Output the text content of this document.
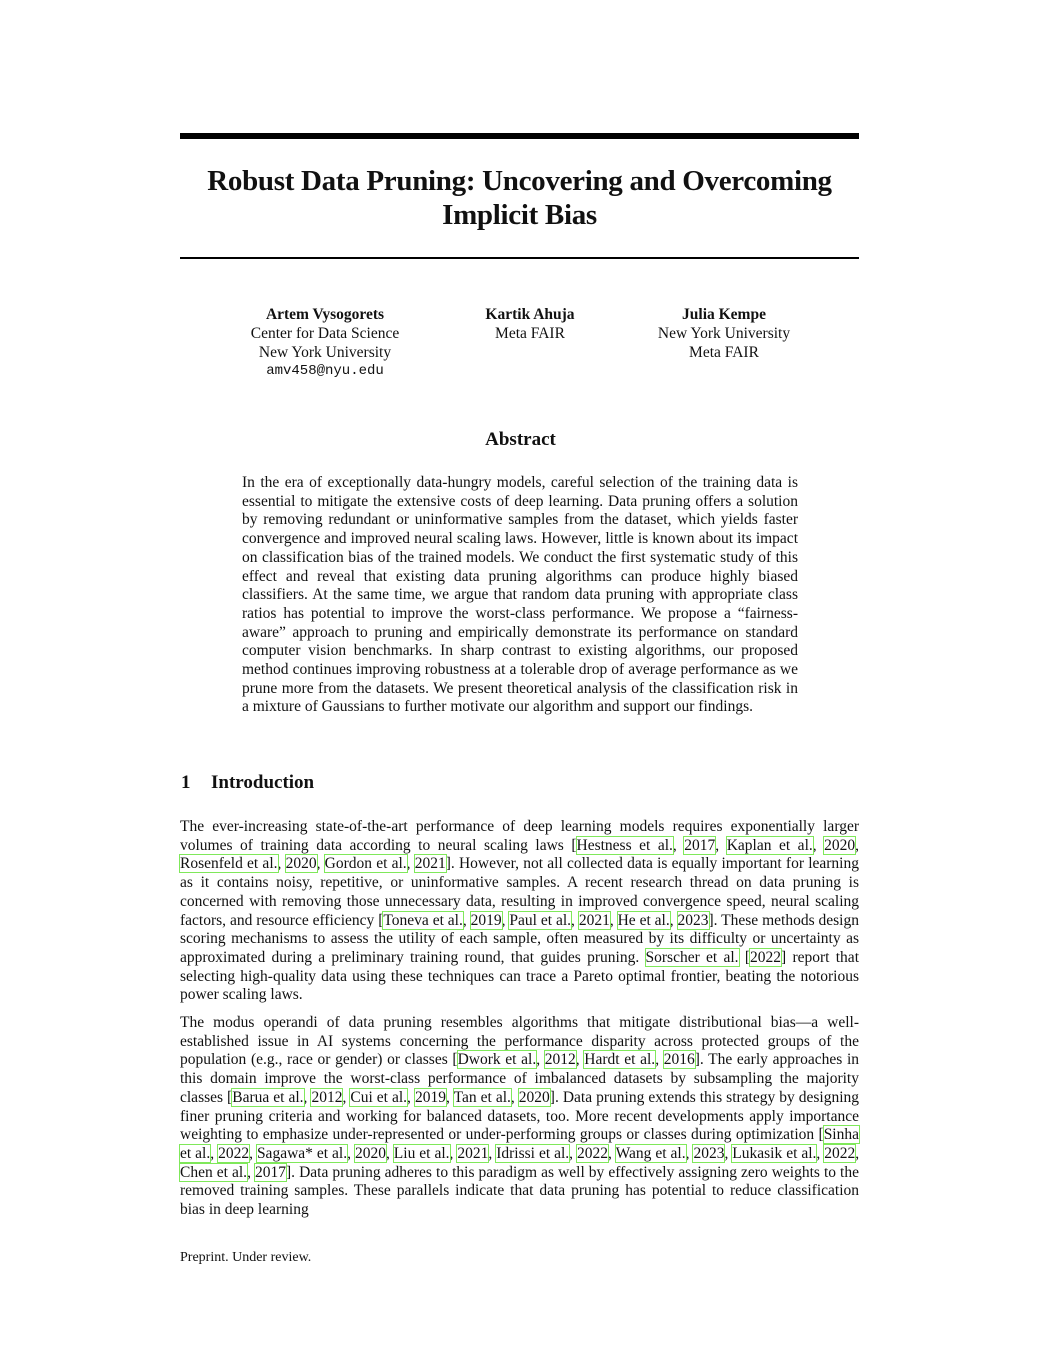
Robust Data Pruning: Uncovering and Overcoming Implicit Bias
Artem Vysogorets
Center for Data Science
New York University
amv458@nyu.edu
Kartik Ahuja
Meta FAIR
Julia Kempe
New York University
Meta FAIR
Abstract
In the era of exceptionally data-hungry models, careful selection of the training data is essential to mitigate the extensive costs of deep learning. Data pruning offers a solution by removing redundant or uninformative samples from the dataset, which yields faster convergence and improved neural scaling laws. However, little is known about its impact on classification bias of the trained models. We conduct the first systematic study of this effect and reveal that existing data pruning algorithms can produce highly biased classifiers. At the same time, we argue that random data pruning with appropriate class ratios has potential to improve the worst-class performance. We propose a “fairness-aware” approach to pruning and empirically demonstrate its performance on standard computer vision benchmarks. In sharp contrast to existing algorithms, our proposed method continues improving robustness at a tolerable drop of average performance as we prune more from the datasets. We present theoretical analysis of the classification risk in a mixture of Gaussians to further motivate our algorithm and support our findings.
1 Introduction
The ever-increasing state-of-the-art performance of deep learning models requires exponentially larger volumes of training data according to neural scaling laws [Hestness et al., 2017, Kaplan et al., 2020, Rosenfeld et al., 2020, Gordon et al., 2021]. However, not all collected data is equally important for learning as it contains noisy, repetitive, or uninformative samples. A recent research thread on data pruning is concerned with removing those unnecessary data, resulting in improved convergence speed, neural scaling factors, and resource efficiency [Toneva et al., 2019, Paul et al., 2021, He et al., 2023]. These methods design scoring mechanisms to assess the utility of each sample, often measured by its difficulty or uncertainty as approximated during a preliminary training round, that guides pruning. Sorscher et al. [2022] report that selecting high-quality data using these techniques can trace a Pareto optimal frontier, beating the notorious power scaling laws.
The modus operandi of data pruning resembles algorithms that mitigate distributional bias—a well-established issue in AI systems concerning the performance disparity across protected groups of the population (e.g., race or gender) or classes [Dwork et al., 2012, Hardt et al., 2016]. The early approaches in this domain improve the worst-class performance of imbalanced datasets by subsampling the majority classes [Barua et al., 2012, Cui et al., 2019, Tan et al., 2020]. Data pruning extends this strategy by designing finer pruning criteria and working for balanced datasets, too. More recent developments apply importance weighting to emphasize under-represented or under-performing groups or classes during optimization [Sinha et al., 2022, Sagawa* et al., 2020, Liu et al., 2021, Idrissi et al., 2022, Wang et al., 2023, Lukasik et al., 2022, Chen et al., 2017]. Data pruning adheres to this paradigm as well by effectively assigning zero weights to the removed training samples. These parallels indicate that data pruning has potential to reduce classification bias in deep learning
Preprint. Under review.
